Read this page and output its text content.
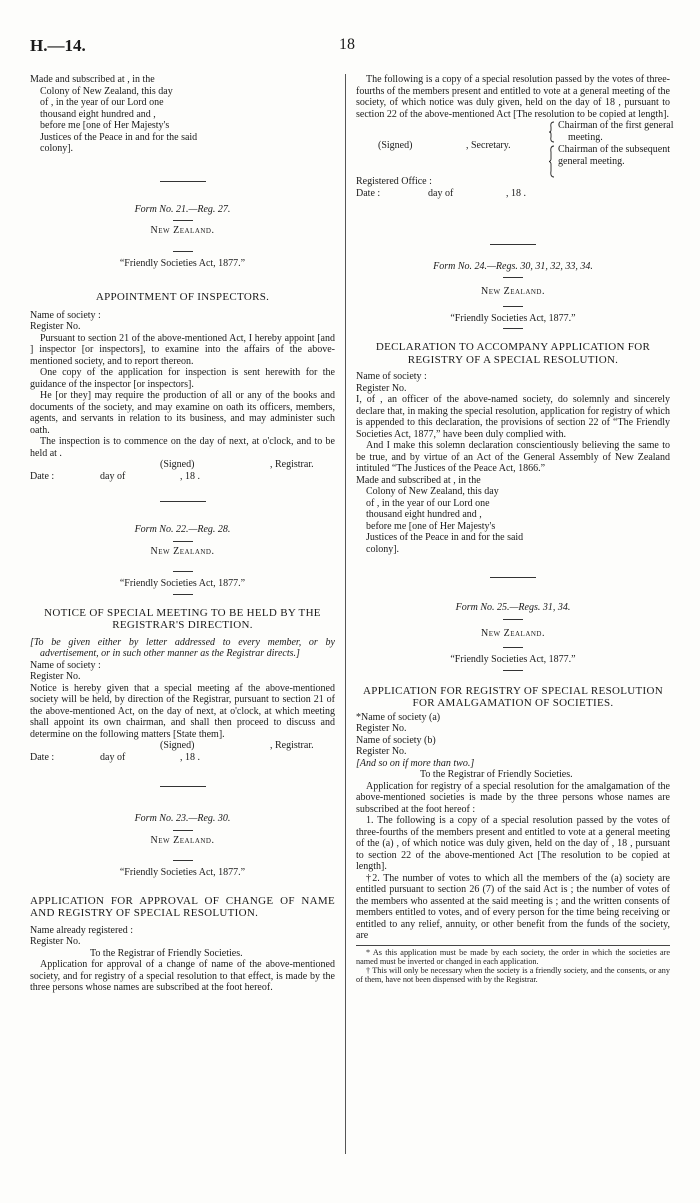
H.—14.	18

Made and subscribed at , in the

Colony of New Zealand, this day

of , in the year of our Lord one

thousand eight hundred and ,

before me [one of Her Majesty's

Justices of the Peace in and for the said

colony].

Form No. 21.—Reg. 27.

New Zealand.

“Friendly Societies Act, 1877.”

APPOINTMENT OF INSPECTORS.

Name of society :

Register No.

Pursuant to section 21 of the above-mentioned Act, I hereby appoint [and ] inspector [or inspectors], to examine into the affairs of the above-mentioned society, and to report thereon.

One copy of the application for inspection is sent herewith for the guidance of the inspector [or inspectors].

He [or they] may require the production of all or any of the books and documents of the society, and may examine on oath its officers, members, agents, and servants in relation to its business, and may administer such oath.

The inspection is to commence on the day of next, at o'clock, and to be held at .

(Signed)	, Registrar.
Date :	day of	, 18 .

Form No. 22.—Reg. 28.

New Zealand.

“Friendly Societies Act, 1877.”

NOTICE OF SPECIAL MEETING TO BE HELD BY THE REGISTRAR'S DIRECTION.

[To be given either by letter addressed to every member, or by advertisement, or in such other manner as the Registrar directs.]

Name of society :

Register No.

Notice is hereby given that a special meeting af the above-mentioned society will be held, by direction of the Registrar, pursuant to section 21 of the above-mentioned Act, on the day of next, at o'clock, at which meeting shall appoint its own chairman, and shall then proceed to discuss and determine on the following matters [State them].

(Signed)	, Registrar.
Date :	day of	, 18 .

Form No. 23.—Reg. 30.

New Zealand.

“Friendly Societies Act, 1877.”

APPLICATION FOR APPROVAL OF CHANGE OF NAME AND REGISTRY OF SPECIAL RESOLUTION.

Name already registered :

Register No.

To the Registrar of Friendly Societies.

Application for approval of a change of name of the above-mentioned society, and for registry of a special resolution to that effect, is made by the three persons whose names are subscribed at the foot hereof.

The following is a copy of a special resolution passed by the votes of three-fourths of the members present and entitled to vote at a general meeting of the society, of which notice was duly given, held on the day of 18 , pursuant to section 22 of the above-mentioned Act [The resolution to be copied at length].

Chairman of the first general meeting.

Chairman of the subsequent general meeting.

(Signed)	, Secretary.

Registered Office :

Date :	day of	, 18 .

Form No. 24.—Regs. 30, 31, 32, 33, 34.

New Zealand.

“Friendly Societies Act, 1877.”

DECLARATION TO ACCOMPANY APPLICATION FOR REGISTRY OF A SPECIAL RESOLUTION.

Name of society :

Register No.

I, of , an officer of the above-named society, do solemnly and sincerely declare that, in making the special resolution, application for registry of which is appended to this declaration, the provisions of section 22 of “The Friendly Societies Act, 1877,” have been duly complied with.

And I make this solemn declaration conscientiously believing the same to be true, and by virtue of an Act of the General Assembly of New Zealand intituled “The Justices of the Peace Act, 1866.”

Made and subscribed at , in the

Colony of New Zealand, this day

of , in the year of our Lord one

thousand eight hundred and ,

before me [one of Her Majesty's

Justices of the Peace in and for the said

colony].

Form No. 25.—Regs. 31, 34.

New Zealand.

“Friendly Societies Act, 1877.”

APPLICATION FOR REGISTRY OF SPECIAL RESOLUTION FOR AMALGAMATION OF SOCIETIES.

*Name of society (a)

Register No.

Name of society (b)

Register No.

[And so on if more than two.]

To the Registrar of Friendly Societies.

Application for registry of a special resolution for the amalgamation of the above-mentioned societies is made by the three persons whose names are subscribed at the foot hereof :

1. The following is a copy of a special resolution passed by the votes of three-fourths of the members present and entitled to vote at a general meeting of the (a) , of which notice was duly given, held on the day of , 18 , pursuant to section 22 of the above-mentioned Act [The resolution to be copied at length].

†2. The number of votes to which all the members of the (a) society are entitled pursuant to section 26 (7) of the said Act is ; the number of votes of the members who assented at the said meeting is ; and the written consents of members entitled to votes, and of every person for the time being receiving or entitled to any relief, annuity, or other benefit from the funds of the society, are

* As this application must be made by each society, the order in which the societies are named must be inverted or changed in each application.

† This will only be necessary when the society is a friendly society, and the consents, or any of them, have not been dispensed with by the Registrar.
